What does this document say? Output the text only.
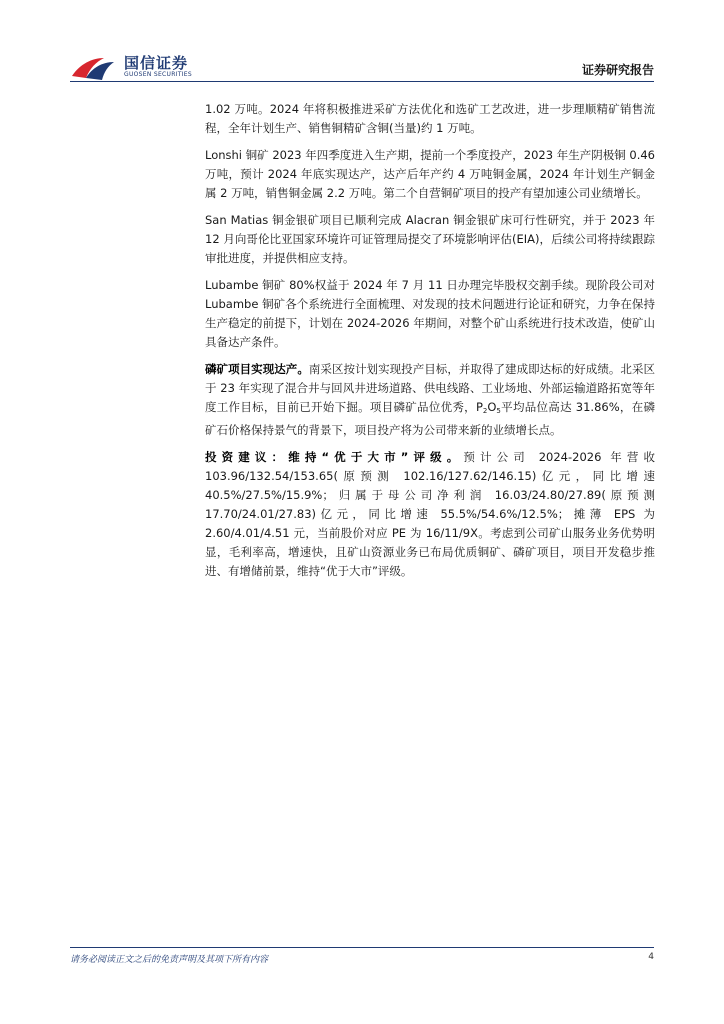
国信证券
GUOSEN SECURITIES	证券研究报告

1.02 万吨。2024 年将积极推进采矿方法优化和选矿工艺改进，进一步理顺精矿销售流程，全年计划生产、销售铜精矿含铜(当量)约 1 万吨。

Lonshi 铜矿 2023 年四季度进入生产期，提前一个季度投产，2023 年生产阴极铜 0.46 万吨，预计 2024 年底实现达产，达产后年产约 4 万吨铜金属，2024 年计划生产铜金属 2 万吨，销售铜金属 2.2 万吨。第二个自营铜矿项目的投产有望加速公司业绩增长。

San Matias 铜金银矿项目已顺利完成 Alacran 铜金银矿床可行性研究，并于 2023 年 12 月向哥伦比亚国家环境许可证管理局提交了环境影响评估(EIA)，后续公司将持续跟踪审批进度，并提供相应支持。

Lubambe 铜矿 80%权益于 2024 年 7 月 11 日办理完毕股权交割手续。现阶段公司对 Lubambe 铜矿各个系统进行全面梳理、对发现的技术问题进行论证和研究，力争在保持生产稳定的前提下，计划在 2024-2026 年期间，对整个矿山系统进行技术改造，使矿山具备达产条件。

磷矿项目实现达产。南采区按计划实现投产目标，并取得了建成即达标的好成绩。北采区于 23 年实现了混合井与回风井进场道路、供电线路、工业场地、外部运输道路拓宽等年度工作目标，目前已开始下掘。项目磷矿品位优秀，$P_2O_5$平均品位高达 31.86%，在磷矿石价格保持景气的背景下，项目投产将为公司带来新的业绩增长点。

投资建议：维持“优于大市”评级。预计公司 2024-2026 年营收 103.96/132.54/153.65(原预测 102.16/127.62/146.15)亿元，同比增速 40.5%/27.5%/15.9%；归属于母公司净利润 16.03/24.80/27.89(原预测 17.70/24.01/27.83)亿元，同比增速 55.5%/54.6%/12.5%；摊薄 EPS 为 2.60/4.01/4.51 元，当前股价对应 PE 为 16/11/9X。考虑到公司矿山服务业务优势明显，毛利率高，增速快，且矿山资源业务已布局优质铜矿、磷矿项目，项目开发稳步推进、有增储前景，维持“优于大市”评级。

请务必阅读正文之后的免责声明及其项下所有内容	4
